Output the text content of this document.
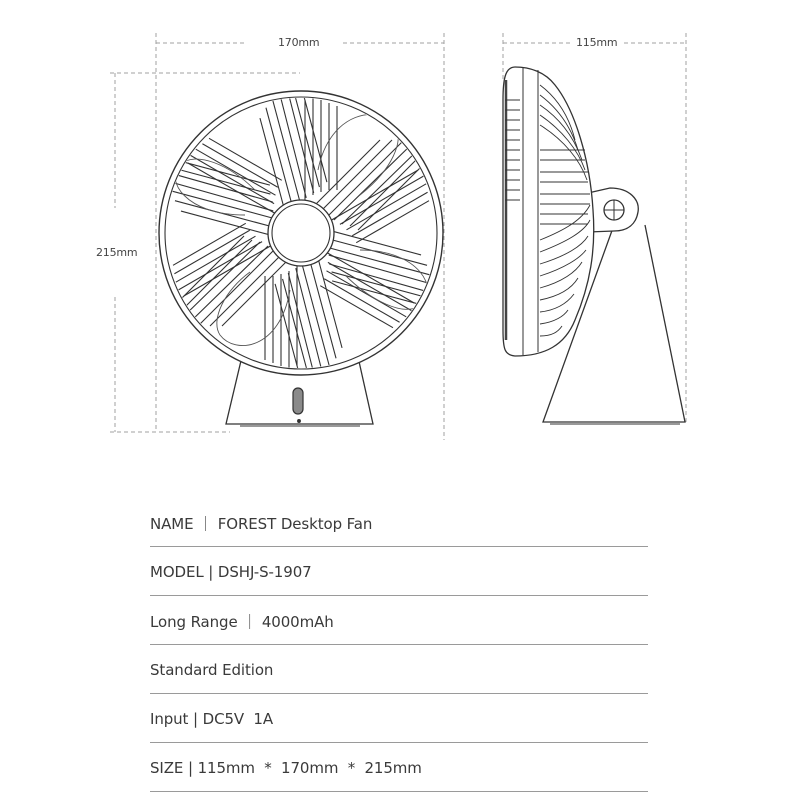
170mm	115mm
215mm
NAME ｜ FOREST Desktop Fan
MODEL | DSHJ-S-1907
Long Range ｜ 4000mAh
Standard Edition
Input | DC5V  1A
SIZE | 115mm  *  170mm  *  215mm
